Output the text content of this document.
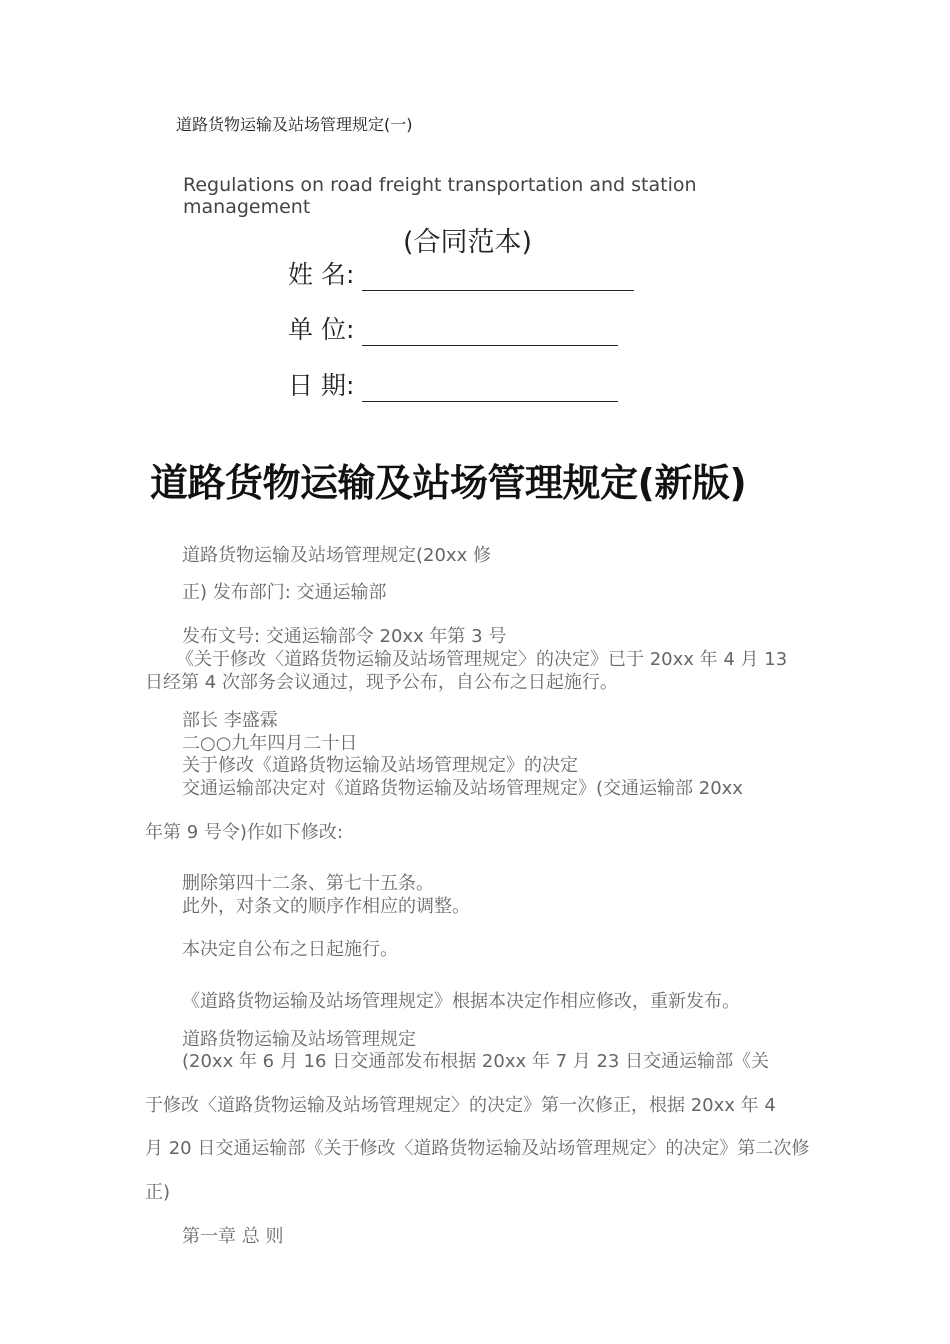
道路货物运输及站场管理规定(一)
Regulations on road freight transportation and station management
(合同范本)
姓 名:
单 位:
日 期:
道路货物运输及站场管理规定(新版)
道路货物运输及站场管理规定(20xx 修
正) 发布部门: 交通运输部
发布文号: 交通运输部令 20xx 年第 3 号
《关于修改〈道路货物运输及站场管理规定〉的决定》已于 20xx 年 4 月 13
日经第 4 次部务会议通过，现予公布，自公布之日起施行。
部长 李盛霖
二○○九年四月二十日
关于修改《道路货物运输及站场管理规定》的决定
交通运输部决定对《道路货物运输及站场管理规定》(交通运输部 20xx
年第 9 号令)作如下修改:
删除第四十二条、第七十五条。
此外，对条文的顺序作相应的调整。
本决定自公布之日起施行。
《道路货物运输及站场管理规定》根据本决定作相应修改，重新发布。
道路货物运输及站场管理规定
(20xx 年 6 月 16 日交通部发布根据 20xx 年 7 月 23 日交通运输部《关
于修改〈道路货物运输及站场管理规定〉的决定》第一次修正，根据 20xx 年 4
月 20 日交通运输部《关于修改〈道路货物运输及站场管理规定〉的决定》第二次修
正)
第一章 总 则
